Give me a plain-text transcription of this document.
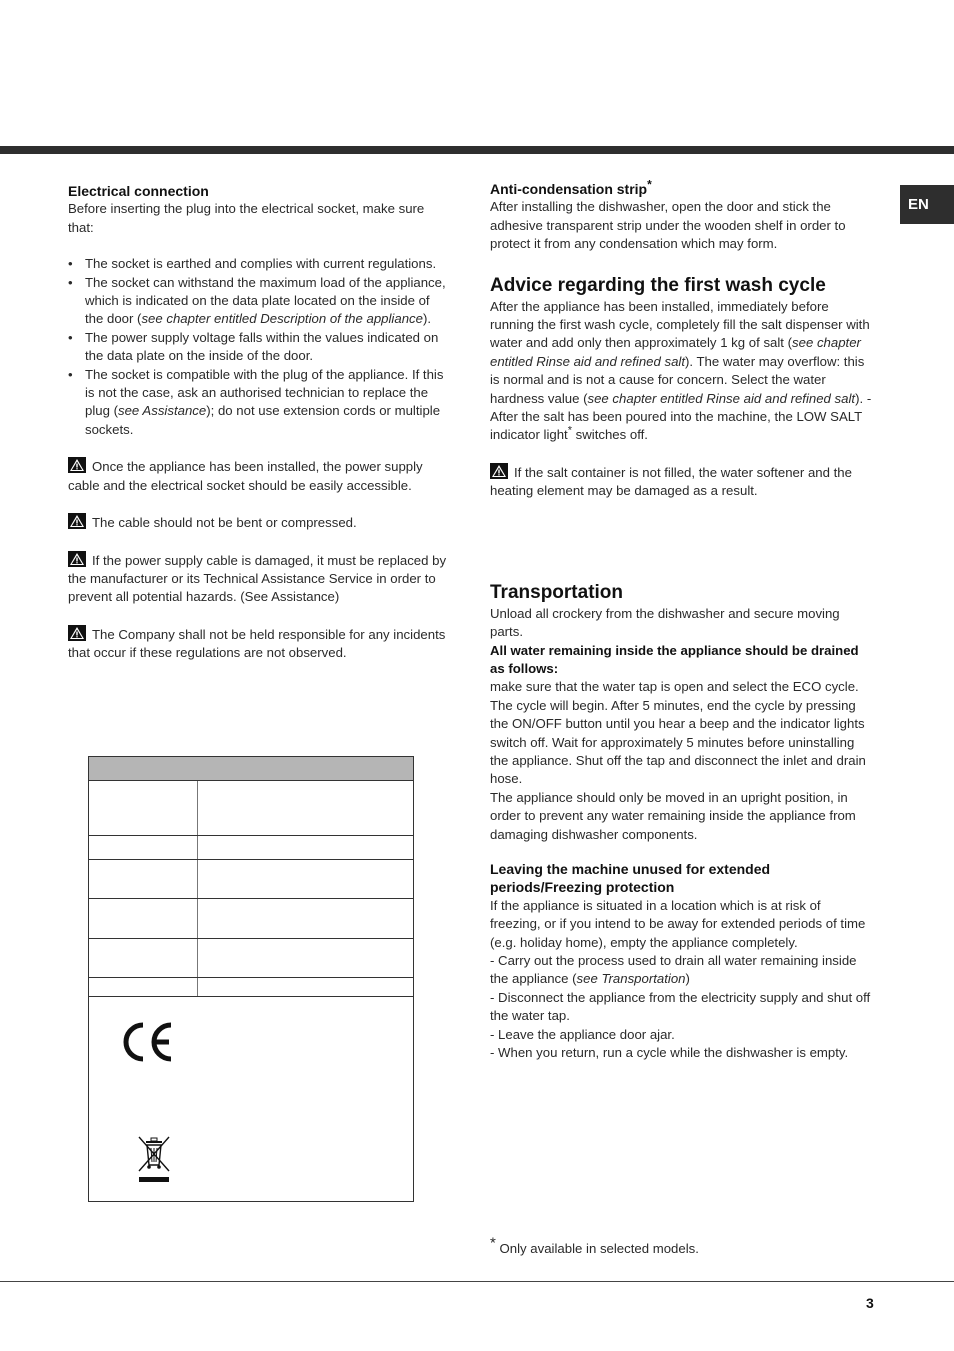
EN

Electrical connection

Before inserting the plug into the electrical socket, make sure that:

• The socket is earthed and complies with current regulations.
• The socket can withstand the maximum load of the appliance, which is indicated on the data plate located on the inside of the door (see chapter entitled Description of the appliance).
• The power supply voltage falls within the values indicated on the data plate on the inside of the door.
• The socket is compatible with the plug of the appliance. If this is not the case, ask an authorised technician to replace the plug (see Assistance); do not use extension cords or multiple sockets.

Once the appliance has been installed, the power supply cable and the electrical socket should be easily accessible.

The cable should not be bent or compressed.

If the power supply cable is damaged, it must be replaced by the manufacturer or its Technical Assistance Service in order to prevent all potential hazards. (See Assistance)

The Company shall not be held responsible for any incidents that occur if these regulations are not observed.

Anti-condensation strip*

After installing the dishwasher, open the door and stick the adhesive transparent strip under the wooden shelf in order to protect it from any condensation which may form.

Advice regarding the first wash cycle

After the appliance has been installed, immediately before running the first wash cycle, completely fill the salt dispenser with water and add only then approximately 1 kg of salt (see chapter entitled Rinse aid and refined salt). The water may overflow: this is normal and is not a cause for concern. Select the water hardness value (see chapter entitled Rinse aid and refined salt). - After the salt has been poured into the machine, the LOW SALT indicator light* switches off.

If the salt container is not filled, the water softener and the heating element may be damaged as a result.

Transportation

Unload all crockery from the dishwasher and secure moving parts.

All water remaining inside the appliance should be drained as follows:

make sure that the water tap is open and select the ECO cycle. The cycle will begin. After 5 minutes, end the cycle by pressing the ON/OFF button until you hear a beep and the indicator lights switch off. Wait for approximately 5 minutes before uninstalling the appliance. Shut off the tap and disconnect the inlet and drain hose.

The appliance should only be moved in an upright position, in order to prevent any water remaining inside the appliance from damaging dishwasher components.

Leaving the machine unused for extended periods/Freezing protection

If the appliance is situated in a location which is at risk of freezing, or if you intend to be away for extended periods of time (e.g. holiday home), empty the appliance completely.

- Carry out the process used to drain all water remaining inside the appliance (see Transportation)

- Disconnect the appliance from the electricity supply and shut off the water tap.

- Leave the appliance door ajar.

- When you return, run a cycle while the dishwasher is empty.

* Only available in selected models.
3
